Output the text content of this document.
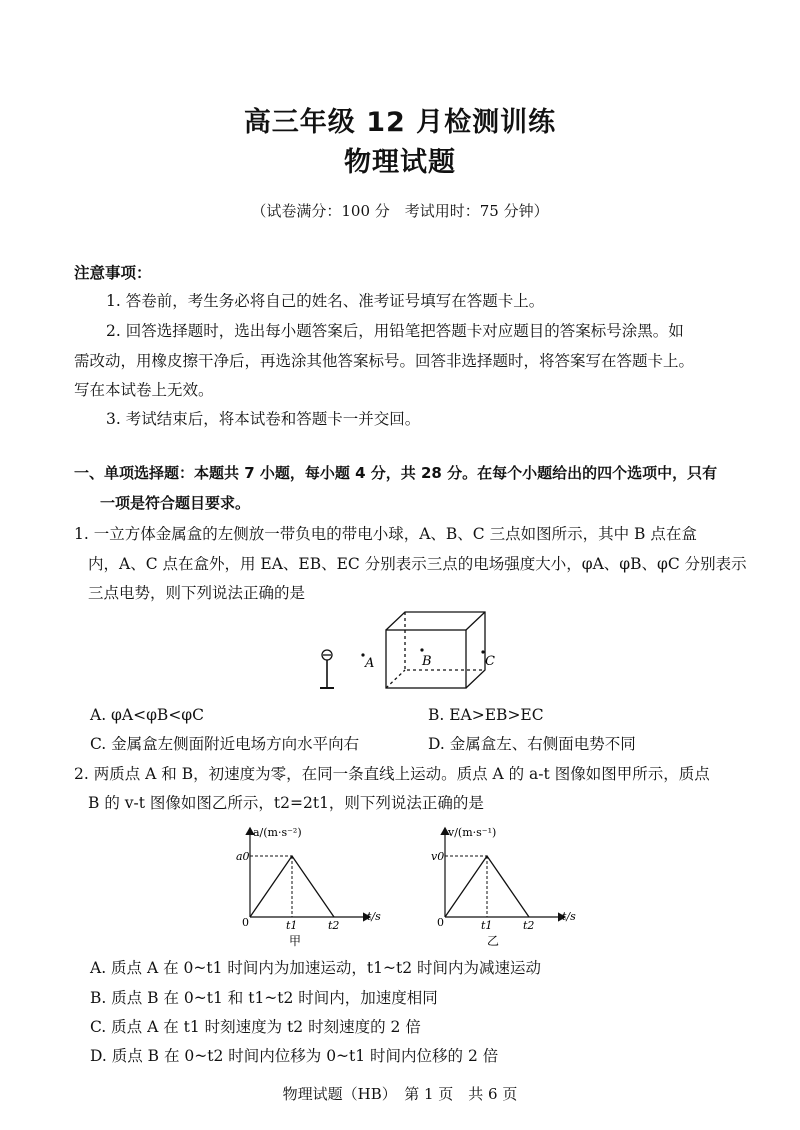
高三年级 12 月检测训练
物理试题
（试卷满分：100 分　考试用时：75 分钟）
注意事项：
1. 答卷前，考生务必将自己的姓名、准考证号填写在答题卡上。
2. 回答选择题时，选出每小题答案后，用铅笔把答题卡对应题目的答案标号涂黑。如
需改动，用橡皮擦干净后，再选涂其他答案标号。回答非选择题时，将答案写在答题卡上。
写在本试卷上无效。
3. 考试结束后，将本试卷和答题卡一并交回。
一、单项选择题：本题共 7 小题，每小题 4 分，共 28 分。在每个小题给出的四个选项中，只有
一项是符合题目要求。
1. 一立方体金属盒的左侧放一带负电的带电小球，A、B、C 三点如图所示，其中 B 点在盒
内，A、C 点在盒外，用 EA、EB、EC 分别表示三点的电场强度大小，φA、φB、φC 分别表示
三点电势，则下列说法正确的是
A	B	C
A. φA<φB<φC	B. EA>EB>EC
C. 金属盒左侧面附近电场方向水平向右	D. 金属盒左、右侧面电势不同
2. 两质点 A 和 B，初速度为零，在同一条直线上运动。质点 A 的 a-t 图像如图甲所示，质点
B 的 v-t 图像如图乙所示，t2=2t1，则下列说法正确的是
a/(m·s⁻²)
a0
0	t1	t2
t/s
甲
v/(m·s⁻¹)
v0
0	t1	t2
t/s
乙
A. 质点 A 在 0~t1 时间内为加速运动，t1~t2 时间内为减速运动
B. 质点 B 在 0~t1 和 t1~t2 时间内，加速度相同
C. 质点 A 在 t1 时刻速度为 t2 时刻速度的 2 倍
D. 质点 B 在 0~t2 时间内位移为 0~t1 时间内位移的 2 倍
物理试题（HB）　第 1 页　共 6 页
